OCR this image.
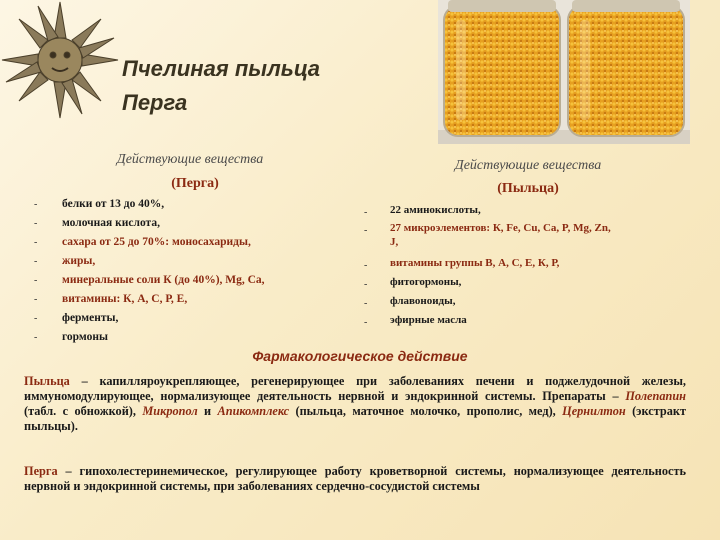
Пчелиная пыльца
Перга
Действующие вещества
(Перга)
- белки от 13 до 40%,
- молочная кислота,
- сахара от 25 до 70%: моносахариды,
- жиры,
- минеральные соли К (до 40%), Mg, Ca,
- витамины: К, А, С, Р, Е,
- ферменты,
- гормоны
Действующие вещества
(Пыльца)
- 22 аминокислоты,
- 27 микроэлементов: К, Fe, Cu, Ca, P, Mg, Zn,
J,
- витамины группы В, А, С, Е, К, Р,
- фитогормоны,
- флавоноиды,
- эфирные масла
Фармакологическое действие
Пыльца – капилляроукрепляющее, регенерирующее при заболеваниях печени и поджелудочной железы, иммуномодулирующее, нормализующее деятельность нервной и эндокринной системы. Препараты – Полenапин (табл. с обножкой), Микропол и Апикомплекс (пыльца, маточное молочко, прополис, мед), Цернилтон (экстракт пыльцы).
Перга – гипохолестеринемическое, регулирующее работу кроветворной системы, нормализующее деятельность нервной и эндокринной системы, при заболеваниях сердечно-сосудистой системы
